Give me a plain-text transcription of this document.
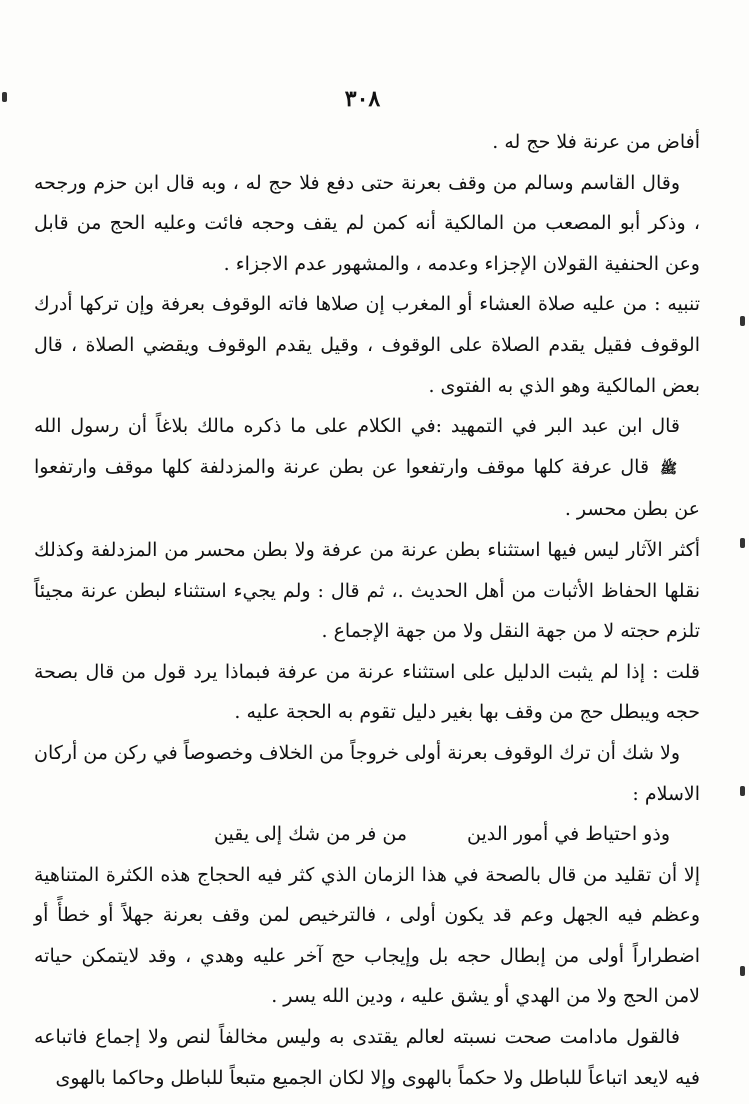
٣٠٨

أفاض من عرنة فلا حج له .

وقال القاسم وسالم من وقف بعرنة حتى دفع فلا حج له ، وبه قال ابن حزم ورجحه ، وذكر أبو المصعب من المالكية أنه كمن لم يقف وحجه فائت وعليه الحج من قابل وعن الحنفية القولان الإجزاء وعدمه ، والمشهور عدم الاجزاء .

تنبيه : من عليه صلاة العشاء أو المغرب إن صلاها فاته الوقوف بعرفة وإن تركها أدرك الوقوف فقيل يقدم الصلاة على الوقوف ، وقيل يقدم الوقوف ويقضي الصلاة ، قال بعض المالكية وهو الذي به الفتوى .

قال ابن عبد البر في التمهيد :في الكلام على ما ذكره مالك بلاغاً أن رسول الله ﷺ قال عرفة كلها موقف وارتفعوا عن بطن عرنة والمزدلفة كلها موقف وارتفعوا عن بطن محسر .

أكثر الآثار ليس فيها استثناء بطن عرنة من عرفة ولا بطن محسر من المزدلفة وكذلك نقلها الحفاظ الأثبات من أهل الحديث .، ثم قال : ولم يجيء استثناء لبطن عرنة مجيئاً تلزم حجته لا من جهة النقل ولا من جهة الإجماع .

قلت : إذا لم يثبت الدليل على استثناء عرنة من عرفة فبماذا يرد قول من قال بصحة حجه ويبطل حج من وقف بها بغير دليل تقوم به الحجة عليه .

ولا شك أن ترك الوقوف بعرنة أولى خروجاً من الخلاف وخصوصاً في ركن من أركان الاسلام :

وذو احتياط في أمور الدين
من فر من شك إلى يقين

إلا أن تقليد من قال بالصحة في هذا الزمان الذي كثر فيه الحجاج هذه الكثرة المتناهية وعظم فيه الجهل وعم قد يكون أولى ، فالترخيص لمن وقف بعرنة جهلاً أو خطأً أو اضطراراً أولى من إبطال حجه بل وإيجاب حج آخر عليه وهدي ، وقد لايتمكن حياته لامن الحج ولا من الهدي أو يشق عليه ، ودين الله يسر .

فالقول مادامت صحت نسبته لعالم يقتدى به وليس مخالفاً لنص ولا إجماع فاتباعه فيه لايعد اتباعاً للباطل ولا حكماً بالهوى وإلا لكان الجميع متبعاً للباطل وحاكما بالهوى
